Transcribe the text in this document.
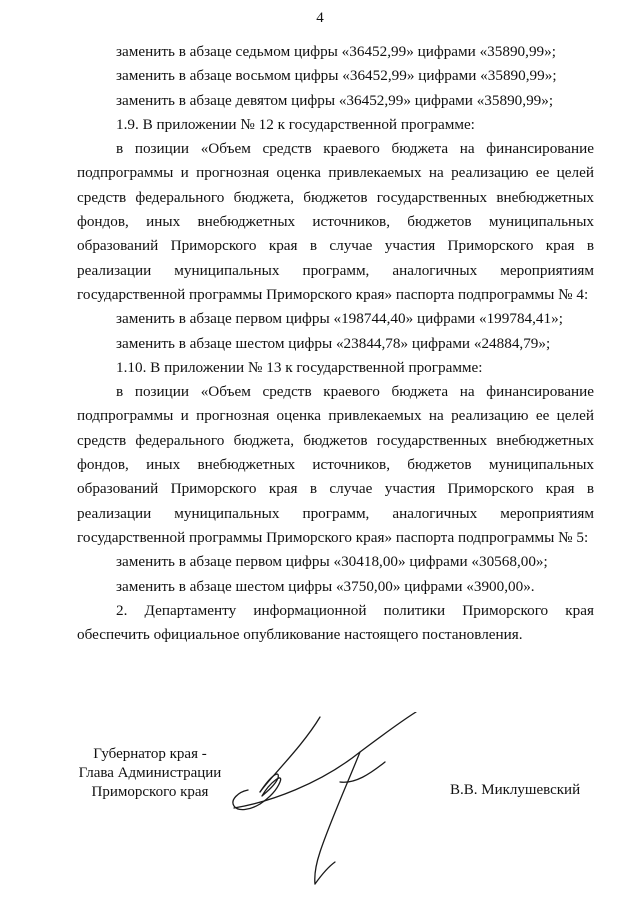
4

заменить в абзаце седьмом цифры «36452,99» цифрами «35890,99»;

заменить в абзаце восьмом цифры «36452,99» цифрами «35890,99»;

заменить в абзаце девятом цифры «36452,99» цифрами «35890,99»;

1.9. В приложении № 12 к государственной программе:

в позиции «Объем средств краевого бюджета на финансирование
подпрограммы и прогнозная оценка привлекаемых на реализацию ее целей
средств федерального бюджета, бюджетов государственных внебюджетных
фондов, иных внебюджетных источников, бюджетов муниципальных
образований Приморского края в случае участия Приморского края в
реализации муниципальных программ, аналогичных мероприятиям
государственной программы Приморского края» паспорта подпрограммы № 4:

заменить в абзаце первом цифры «198744,40» цифрами «199784,41»;

заменить в абзаце шестом цифры «23844,78» цифрами «24884,79»;

1.10. В приложении № 13 к государственной программе:

в позиции «Объем средств краевого бюджета на финансирование
подпрограммы и прогнозная оценка привлекаемых на реализацию ее целей
средств федерального бюджета, бюджетов государственных внебюджетных
фондов, иных внебюджетных источников, бюджетов муниципальных
образований Приморского края в случае участия Приморского края в
реализации муниципальных программ, аналогичных мероприятиям
государственной программы Приморского края» паспорта подпрограммы № 5:

заменить в абзаце первом цифры «30418,00» цифрами «30568,00»;

заменить в абзаце шестом цифры «3750,00» цифрами «3900,00».

2. Департаменту информационной политики Приморского края
обеспечить официальное опубликование настоящего постановления.

Губернатор края -
Глава Администрации
Приморского края	В.В. Миклушевский
